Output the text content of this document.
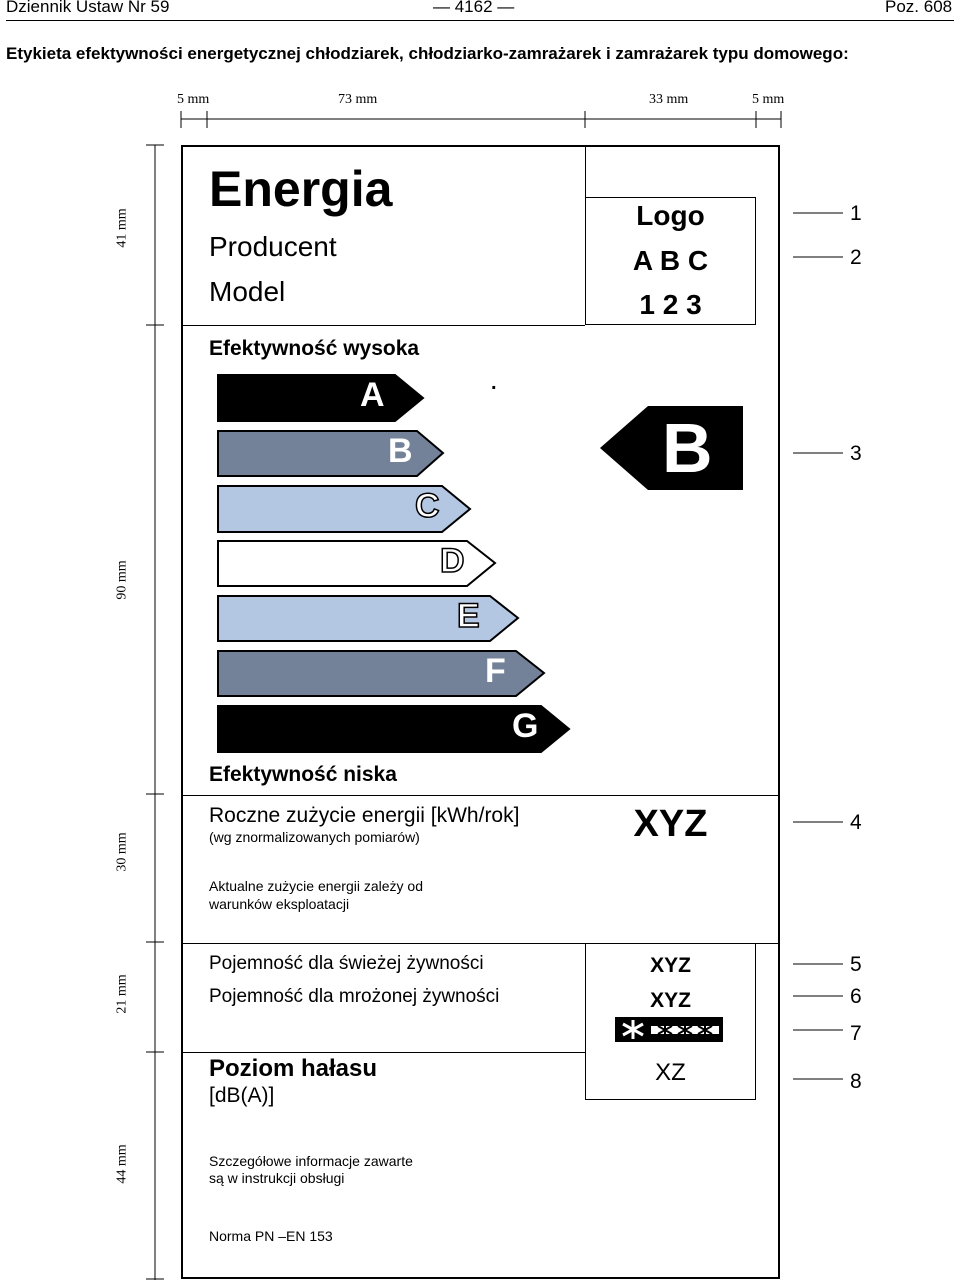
Dziennik Ustaw Nr 59	— 4162 —	Poz. 608
Etykieta efektywności energetycznej chłodziarek, chłodziarko-zamrażarek i zamrażarek typu domowego:
5 mm	73 mm	33 mm	5 mm
41 mm
90 mm
30 mm
21 mm
44 mm
Energia
Producent
Model
Logo
A B C
1 2 3
Efektywność wysoka
.
A
B
C
D
E
F
G
B
Efektywność niska
Roczne zużycie energii [kWh/rok]
(wg znormalizowanych pomiarów)	XYZ
Aktualne zużycie energii zależy od
warunków eksploatacji
Pojemność dla świeżej żywności	XYZ
Pojemność dla mrożonej żywności	XYZ
Poziom hałasu
[dB(A)]
XZ
Szczegółowe informacje zawarte
są w instrukcji obsługi
Norma PN –EN 153
1
2
3
4
5
6
7
8
